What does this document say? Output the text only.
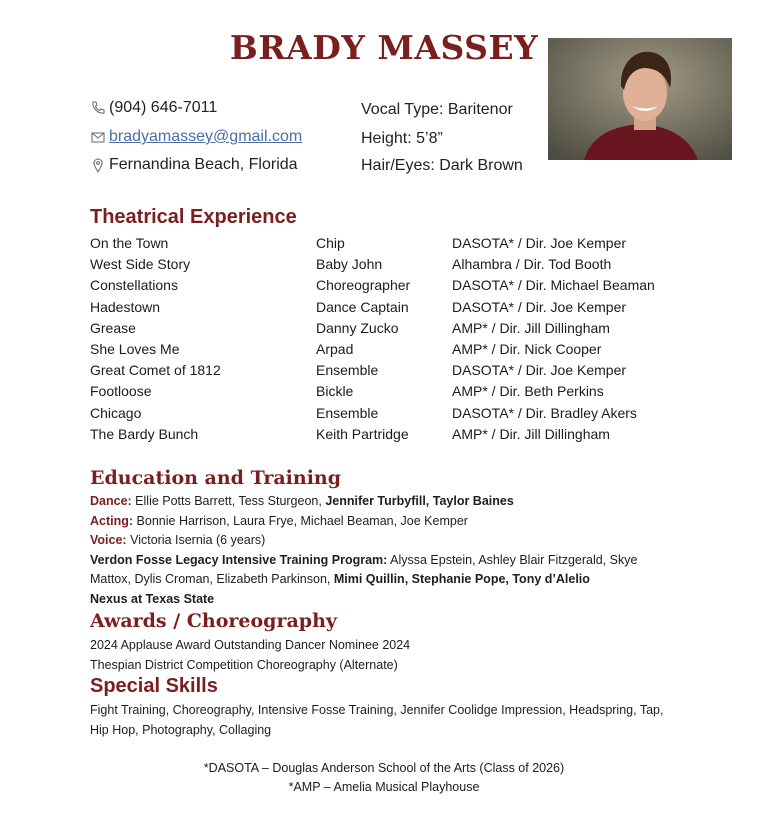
BRADY MASSEY
(904) 646-7011
bradyamassey@gmail.com
Fernandina Beach, Florida
Vocal Type: Baritenor
Height: 5’8”
Hair/Eyes: Dark Brown
Theatrical Experience
On the Town	Chip	DASOTA* / Dir. Joe Kemper
West Side Story	Baby John	Alhambra / Dir. Tod Booth
Constellations	Choreographer	DASOTA* / Dir. Michael Beaman
Hadestown	Dance Captain	DASOTA* / Dir. Joe Kemper
Grease	Danny Zucko	AMP* / Dir. Jill Dillingham
She Loves Me	Arpad	AMP* / Dir. Nick Cooper
Great Comet of 1812	Ensemble	DASOTA* / Dir. Joe Kemper
Footloose	Bickle	AMP* / Dir. Beth Perkins
Chicago	Ensemble	DASOTA* / Dir. Bradley Akers
The Bardy Bunch	Keith Partridge	AMP* / Dir. Jill Dillingham
Education and Training
Dance: Ellie Potts Barrett, Tess Sturgeon, Jennifer Turbyfill, Taylor Baines
Acting: Bonnie Harrison, Laura Frye, Michael Beaman, Joe Kemper
Voice: Victoria Isernia (6 years)
Verdon Fosse Legacy Intensive Training Program: Alyssa Epstein, Ashley Blair Fitzgerald, Skye Mattox, Dylis Croman, Elizabeth Parkinson, Mimi Quillin, Stephanie Pope, Tony d’Alelio
Nexus at Texas State
Awards / Choreography
2024 Applause Award Outstanding Dancer Nominee 2024
Thespian District Competition Choreography (Alternate)
Special Skills
Fight Training, Choreography, Intensive Fosse Training, Jennifer Coolidge Impression, Headspring, Tap, Hip Hop, Photography, Collaging
*DASOTA – Douglas Anderson School of the Arts (Class of 2026)
*AMP – Amelia Musical Playhouse
